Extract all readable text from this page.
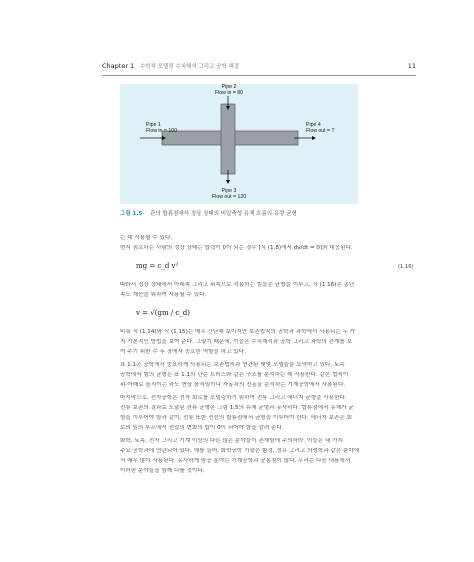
Chapter 1 수학적 모델링 수치해석 그리고 공학 해결	11
Pipe 2
Flow in = 80
Pipe 1
Flow in = 100
Pipe 4
Flow out = ?
Pipe 3
Flow out = 120
그림 1.5 관의 합류점에서 정상 상태의 비압축성 유체 흐름의 유량 균형
는 데 사용될 수 있다.
번지 점프하는 사람의 정상 상태는 합력이 0이 되는 경우 [식 (1.8)에서 dv/dt = 0]와 대응된다.
mg = c_d v²	(1.16)
따라서 정상 상태에서 아래쪽 그리고 위쪽으로 작용하는 힘들은 균형을 이루고, 식 (1.16)은 종단
속도 계산을 위하여 사용될 수 있다.
v = √(gm / c_d)
비록 식 (1.14)와 식 (1.15)는 매우 간단해 보이지만 보존법칙의 공학과 과학에서 사용되는 두 가
지 기본적인 방법을 보여 준다. 그렇기 때문에, 이들은 수치해석과 공학 그리고 과학의 관계를 보
여 주기 위한 수 후 장에서 중요한 역할을 하고 있다.
표 1.1은 공학에서 중요하게 사용되는 보존법칙과 연관된 몇몇 모델들을 요약하고 있다. 토목
공학에서 힘의 균형은 표 1.1의 단순 트러스와 같은 구조를 분석하는 데 사용한다. 같은 법칙이
위-아래로 움직이는 과도 현상 움직임이나 자동차의 진동을 분석하는 기계공학에서 사용된다.
마지막으로, 전자공학은 전자 회로를 모델링하기 위하여 전류 그리고 에너지 균형을 사용한다.
전류 보존의 결과로 도출된 전류 균형은 그림 1.5의 유체 균형과 유사하다. 합류점에서 유체가 균
형을 이루어야 함과 같이, 전류 또한 전선의 합류점에서 균형을 이루어야 한다. 에너지 보존은 회
로의 임의 루프에서 전압의 변화의 합이 0이 되어야 함을 알려 준다.
화학, 토목, 전자 그리고 기계 이상의 다른 많은 분야들이 존재함에 주의하라. 이들은 네 가지
주요 공학과에 연관되어 있다. 예를 들어, 화학공학 기술은 환경, 정유 그리고 의생학과 같은 분야에
서 매우 많이 사용된다. 유사하게 항공 분야는 기계공학과 공통점이 많다. 우리는 다음 내용에서
이러한 분야들을 함께 다룰 것이다.
